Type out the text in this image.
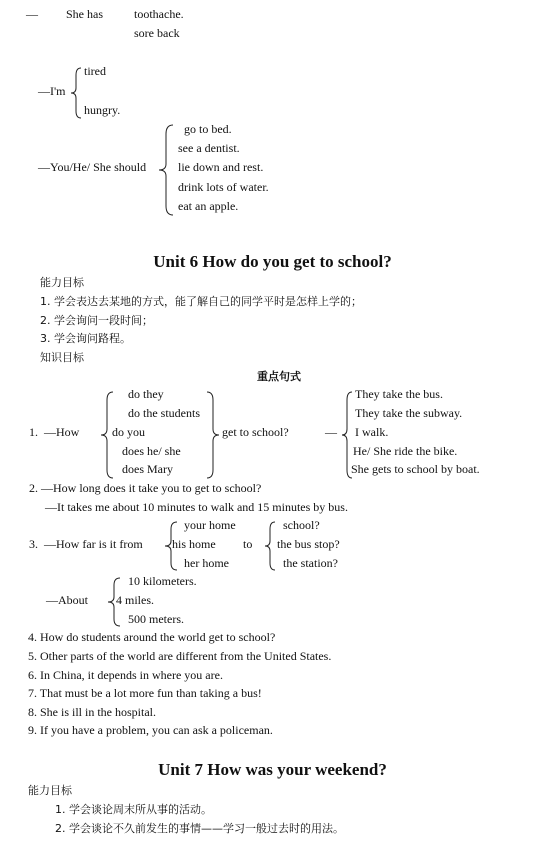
— She has	toothache.
sore back
—I'm
tired
hungry.
—You/He/ She should
go to bed.
see a dentist.
lie down and rest.
drink lots of water.
eat an apple.
Unit 6 How do you get to school?
能力目标
1. 学会表达去某地的方式，能了解自己的同学平时是怎样上学的；
2. 学会询问一段时间；
3. 学会询问路程。
知识目标
重点句式
1. —How
do they
do the students
do you
does he/ she
does Mary
get to school?	—
They take the bus.
They take the subway.
I walk.
He/ She ride the bike.
She gets to school by boat.
2. —How long does it take you to get to school?
—It takes me about 10 minutes to walk and 15 minutes by bus.
3. —How far is it from
your home
his home
her home
to
school?
the bus stop?
the station?
—About
10 kilometers.
4 miles.
500 meters.
4. How do students around the world get to school?
5. Other parts of the world are different from the United States.
6. In China, it depends in where you are.
7. That must be a lot more fun than taking a bus!
8. She is ill in the hospital.
9. If you have a problem, you can ask a policeman.
Unit 7 How was your weekend?
能力目标
1. 学会谈论周末所从事的活动。
2. 学会谈论不久前发生的事情——学习一般过去时的用法。
